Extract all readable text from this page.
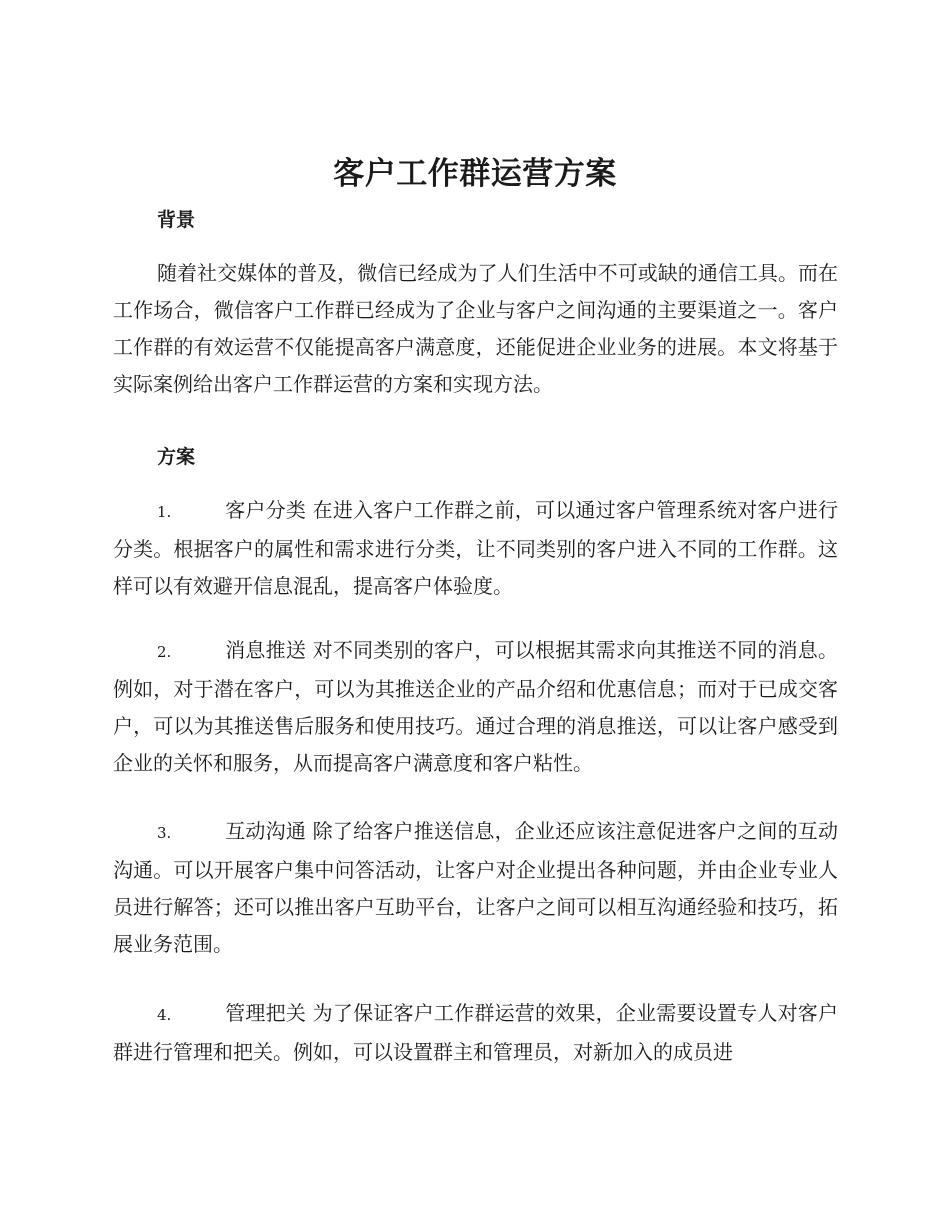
客户工作群运营方案
背景

随着社交媒体的普及，微信已经成为了人们生活中不可或缺的通信工具。而在工作场合，微信客户工作群已经成为了企业与客户之间沟通的主要渠道之一。客户工作群的有效运营不仅能提高客户满意度，还能促进企业业务的进展。本文将基于实际案例给出客户工作群运营的方案和实现方法。

方案

1.	客户分类 在进入客户工作群之前，可以通过客户管理系统对客户进行分类。根据客户的属性和需求进行分类，让不同类别的客户进入不同的工作群。这样可以有效避开信息混乱，提高客户体验度。

2.	消息推送 对不同类别的客户，可以根据其需求向其推送不同的消息。例如，对于潜在客户，可以为其推送企业的产品介绍和优惠信息；而对于已成交客户，可以为其推送售后服务和使用技巧。通过合理的消息推送，可以让客户感受到企业的关怀和服务，从而提高客户满意度和客户粘性。

3.	互动沟通 除了给客户推送信息，企业还应该注意促进客户之间的互动沟通。可以开展客户集中问答活动，让客户对企业提出各种问题，并由企业专业人员进行解答；还可以推出客户互助平台，让客户之间可以相互沟通经验和技巧，拓展业务范围。

4.	管理把关 为了保证客户工作群运营的效果，企业需要设置专人对客户群进行管理和把关。例如，可以设置群主和管理员，对新加入的成员进
